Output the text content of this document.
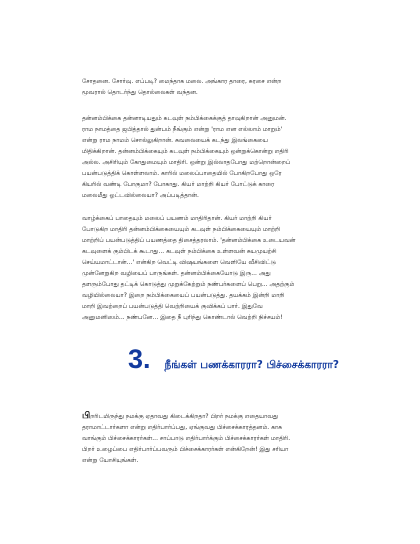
சோதனை. சோர்வு. எப்படி? மைந்தாக மலை. அங்கார தாரை, சுரசை என்ற
மூவரால் தொடர்ந்து தொல்லைகள் வந்தன.
தன்னம்பிக்கை தன்னாடியதும் கடவுள் நம்பிக்கைக்குத் தாவுகிறான் அனுமன்.
ராம நாமத்தை ஜபித்தால் துன்பம் நீங்கும் என்று 'ராம என எல்லாம் மாறும்'
என்று ராம நாமம் சொல்லுகிறான். சுவலையைக் கடந்து இலங்கையை
மிதிக்கிறான். தன்னம்பிக்கையும் கடவுள் நம்பிக்கையும் ஒன்றுக்கொன்று எதிரி
அல்ல. அசிரியும் கோதுமையும் மாதிரி. ஒன்று இல்லாதபோது மற்றொன்றைப்
பயன்படுத்திக் கொள்ளலாம். காரில் மலைப்பாதையில் போகிறபோது ஒரே
கியரில் வண்டி போகுமா? போகாது. கியர் மாற்றி கியர் போட்டுக் காரை
மலைமீது ஓட்டவில்லையா? அப்படித்தான்.
வாழ்க்கைப் பாதையும் மலைப் பயணம் மாதிரிதான். கியர் மாற்றி கியர்
போடுகிற மாதிரி தன்னம்பிக்கையையும் கடவுள் நம்பிக்கையையும் மாற்றி
மாற்றிப் பயன்படுத்திப் பயணத்தை திசைத்தரலாம். 'தன்னம்பிக்கை உடையவன்
கடவுளைக் கும்பிடக் கூடாது... கடவுள் நம்பிக்கை உள்ளவன் சுயமுயற்சி
செய்யமாட்டான்...' என்கிற வெட்டி விஷயங்களை வெளியே வீசிவிட்டு
முன்னேறுகிற வழியைப் பாருங்கள். தன்னம்பிக்கையோடு இரு... அது
தளரும்போது தட்டிக் கொடுத்து முறுக்கேற்றும் நண்பர்களைப் பெறு... அதற்கும்
வழியில்லையா? இறை நம்பிக்கையைப் பயன்படுத்து. தயக்கம் இன்றி மாறி
மாறி இவற்றைப் பயன்படுத்தி வெற்றியைக் குவிக்கப் பார். இதுவே
அனுமனிஸம்... நண்பனே... இதை நீ புரிந்து கொண்டால் வெற்றி நிச்சயம்!
3. நீங்கள் பணக்காரரா? பிச்சைக்காரரா?
பிறரிடமிருந்து நமக்கு ஏதாவது கிடைக்கிறதா? பிறர் நமக்கு எதையாவது
தராமாட்டார்களா என்று எதிர்பார்ப்பது, ஏங்குவது பிச்சைக்காரத்தனம். காசு
வாங்கும் பிச்சைக்காரர்கள்... சாப்பாடு எதிர்பார்க்கும் பிச்சைக்காரர்கள் மாதிரி.
பிறர் உழைப்பை எதிர்பார்ப்பவரும் பிச்சைக்காரர்கள் என்கிறேன்! இது சரியா
என்று யோசியுங்கள்.
